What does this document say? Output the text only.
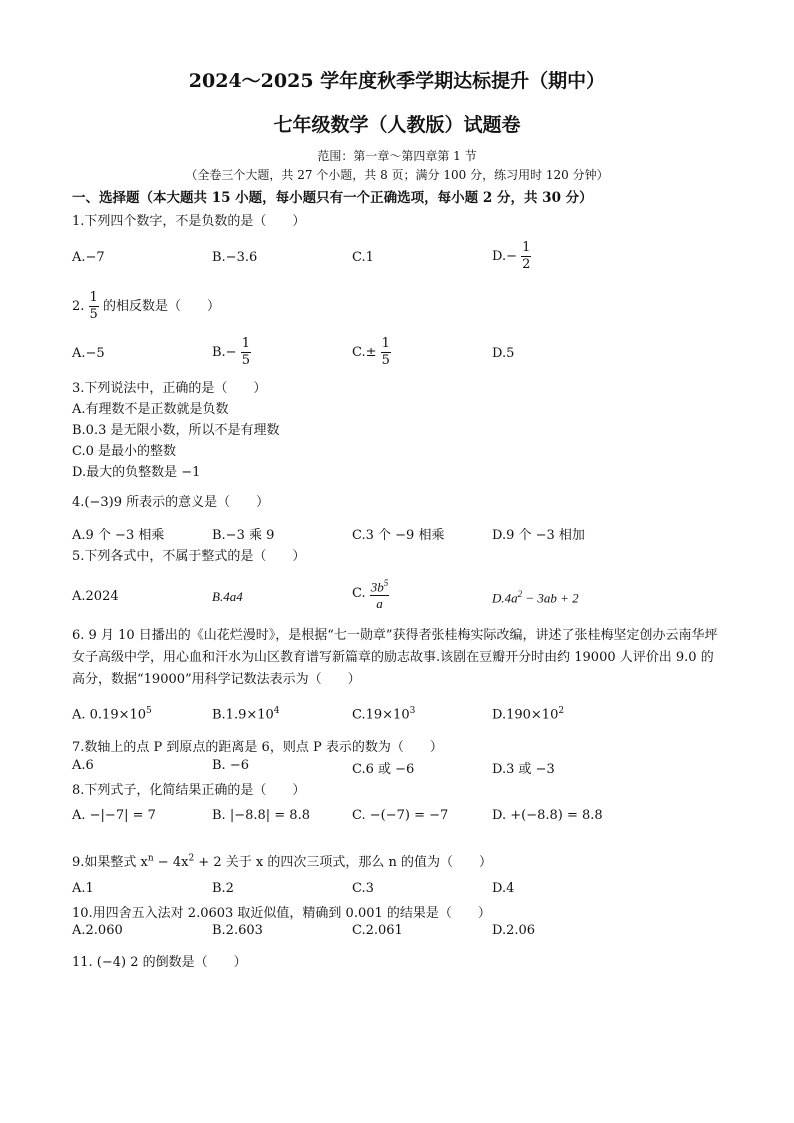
2024～2025 学年度秋季学期达标提升（期中）
七年级数学（人教版）试题卷
范围：第一章～第四章第 1 节
（全卷三个大题，共 27 个小题，共 8 页；满分 100 分，练习用时 120 分钟）
一、选择题（本大题共 15 小题，每小题只有一个正确选项，每小题 2 分，共 30 分）
1.下列四个数字，不是负数的是（　　）
A.−7	B.−3.6	C.1	$D.- \frac{1}{2}$
2. $\frac{1}{5}$ 的相反数是（　　）
A.−5	$B.- \frac{1}{5}$	$C.\pm \frac{1}{5}$	D.5
3.下列说法中，正确的是（　　）
A.有理数不是正数就是负数
B.0.3 是无限小数，所以不是有理数
C.0 是最小的整数
D.最大的负整数是 −1
4.(−3)9 所表示的意义是（　　）
A.9 个 −3 相乘	B.−3 乘 9	C.3 个 −9 相乘	D.9 个 −3 相加
5.下列各式中，不属于整式的是（　　）
A.2024	B.4a4	C. $\frac{3b^5}{a}$	$D.4a^2 - 3ab + 2$
6. 9 月 10 日播出的《山花烂漫时》，是根据“七一勋章”获得者张桂梅实际改编，讲述了张桂梅坚定创办云南华坪女子高级中学，用心血和汗水为山区教育谱写新篇章的励志故事.该剧在豆瓣开分时由约 19000 人评价出 9.0 的高分，数据“19000”用科学记数法表示为（　　）
A. $0.19\times 10^5$	$B.1.9\times 10^4$	$C.19\times 10^3$	$D.190\times 10^2$
7.数轴上的点 P 到原点的距离是 6，则点 P 表示的数为（　　）
A.6	B. −6	C.6 或 −6	D.3 或 −3
8.下列式子，化简结果正确的是（　　）
A. −|−7| = 7	B. |−8.8| = 8.8	C. −(−7) = −7	D. +(−8.8) = 8.8
9.如果整式 $x^n - 4x^2 + 2$ 关于 x 的四次三项式，那么 n 的值为（　　）
A.1	B.2	C.3	D.4
10.用四舍五入法对 2.0603 取近似值，精确到 0.001 的结果是（　　）
A.2.060	B.2.603	C.2.061	D.2.06
11. (−4) 2 的倒数是（　　）
